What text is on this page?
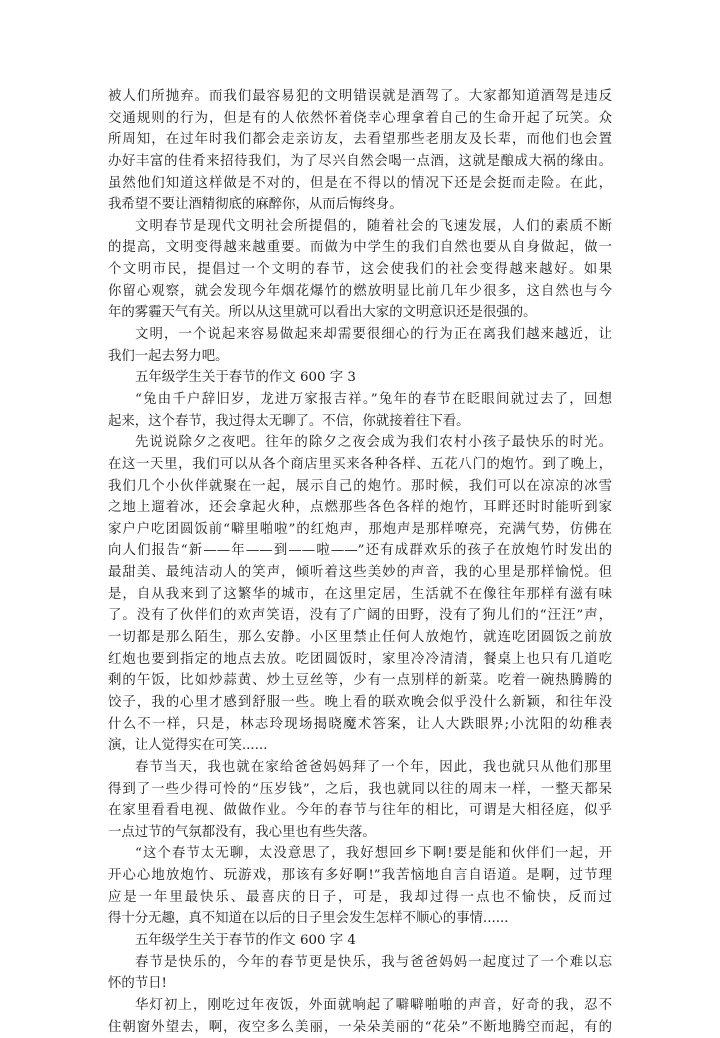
被人们所抛弃。而我们最容易犯的文明错误就是酒驾了。大家都知道酒驾是违反
交通规则的行为，但是有的人依然怀着侥幸心理拿着自己的生命开起了玩笑。众
所周知，在过年时我们都会走亲访友，去看望那些老朋友及长辈，而他们也会置
办好丰富的佳肴来招待我们，为了尽兴自然会喝一点酒，这就是酿成大祸的缘由。
虽然他们知道这样做是不对的，但是在不得以的情况下还是会挺而走险。在此，
我希望不要让酒精彻底的麻醉你，从而后悔终身。
文明春节是现代文明社会所提倡的，随着社会的飞速发展，人们的素质不断
的提高，文明变得越来越重要。而做为中学生的我们自然也要从自身做起，做一
个文明市民，提倡过一个文明的春节，这会使我们的社会变得越来越好。如果
你留心观察，就会发现今年烟花爆竹的燃放明显比前几年少很多，这自然也与今
年的雾霾天气有关。所以从这里就可以看出大家的文明意识还是很强的。
文明，一个说起来容易做起来却需要很细心的行为正在离我们越来越近，让
我们一起去努力吧。
五年级学生关于春节的作文 600 字 3
“兔由千户辞旧岁，龙进万家报吉祥。”兔年的春节在眨眼间就过去了，回想
起来，这个春节，我过得太无聊了。不信，你就接着往下看。
先说说除夕之夜吧。往年的除夕之夜会成为我们农村小孩子最快乐的时光。
在这一天里，我们可以从各个商店里买来各种各样、五花八门的炮竹。到了晚上，
我们几个小伙伴就聚在一起，展示自己的炮竹。那时候，我们可以在凉凉的冰雪
之地上遛着冰，还会拿起火种，点燃那些各色各样的炮竹，耳畔还时时能听到家
家户户吃团圆饭前“噼里啪啦”的红炮声，那炮声是那样嘹亮，充满气势，仿佛在
向人们报告“新——年——到——啦——”还有成群欢乐的孩子在放炮竹时发出的
最甜美、最纯洁动人的笑声，倾听着这些美妙的声音，我的心里是那样愉悦。但
是，自从我来到了这繁华的城市，在这里定居，生活就不在像往年那样有滋有味
了。没有了伙伴们的欢声笑语，没有了广阔的田野，没有了狗儿们的“汪汪”声，
一切都是那么陌生，那么安静。小区里禁止任何人放炮竹，就连吃团圆饭之前放
红炮也要到指定的地点去放。吃团圆饭时，家里冷冷清清，餐桌上也只有几道吃
剩的午饭，比如炒蒜黄、炒土豆丝等，少有一点别样的新菜。吃着一碗热腾腾的
饺子，我的心里才感到舒服一些。晚上看的联欢晚会似乎没什么新颖，和往年没
什么不一样，只是，林志玲现场揭晓魔术答案，让人大跌眼界;小沈阳的幼稚表
演，让人觉得实在可笑......
春节当天，我也就在家给爸爸妈妈拜了一个年，因此，我也就只从他们那里
得到了一些少得可怜的“压岁钱”，之后，我也就同以往的周末一样，一整天都呆
在家里看看电视、做做作业。今年的春节与往年的相比，可谓是大相径庭，似乎
一点过节的气氛都没有，我心里也有些失落。
“这个春节太无聊，太没意思了，我好想回乡下啊!要是能和伙伴们一起，开
开心心地放炮竹、玩游戏，那该有多好啊!”我苦恼地自言自语道。是啊，过节理
应是一年里最快乐、最喜庆的日子，可是，我却过得一点也不愉快，反而过
得十分无趣，真不知道在以后的日子里会发生怎样不顺心的事情......
五年级学生关于春节的作文 600 字 4
春节是快乐的，今年的春节更是快乐，我与爸爸妈妈一起度过了一个难以忘
怀的节日!
华灯初上，刚吃过年夜饭，外面就响起了噼噼啪啪的声音，好奇的我，忍不
住朝窗外望去，啊，夜空多么美丽，一朵朵美丽的“花朵”不断地腾空而起，有的
